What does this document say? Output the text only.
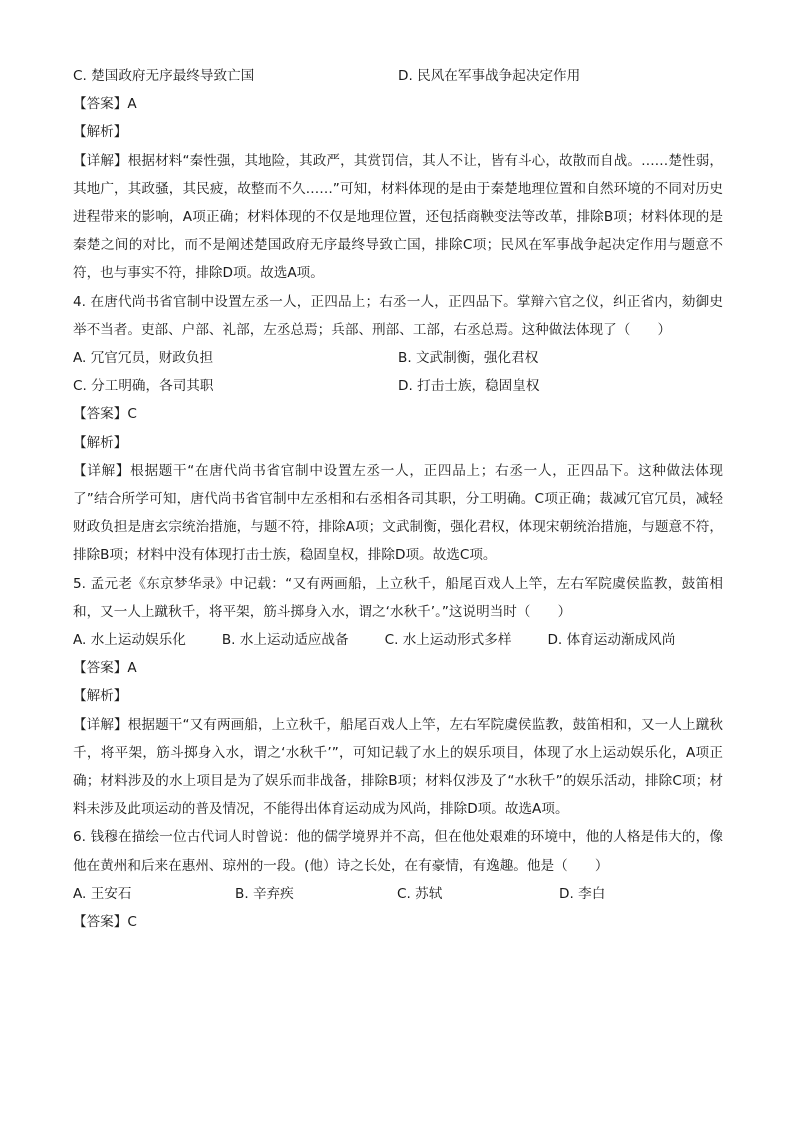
C. 楚国政府无序最终导致亡国	D. 民风在军事战争起决定作用
【答案】A
【解析】
【详解】根据材料“秦性强，其地险，其政严，其赏罚信，其人不让，皆有斗心，故散而自战。……楚性弱，其地广，其政骚，其民疲，故整而不久……”可知，材料体现的是由于秦楚地理位置和自然环境的不同对历史进程带来的影响，A项正确；材料体现的不仅是地理位置，还包括商鞅变法等改革，排除B项；材料体现的是秦楚之间的对比，而不是阐述楚国政府无序最终导致亡国，排除C项；民风在军事战争起决定作用与题意不符，也与事实不符，排除D项。故选A项。
4. 在唐代尚书省官制中设置左丞一人，正四品上；右丞一人，正四品下。掌辩六官之仪，纠正省内，劾御史举不当者。吏部、户部、礼部，左丞总焉；兵部、刑部、工部，右丞总焉。这种做法体现了（　　）
A. 冗官冗员，财政负担	B. 文武制衡，强化君权
C. 分工明确，各司其职	D. 打击士族，稳固皇权
【答案】C
【解析】
【详解】根据题干“在唐代尚书省官制中设置左丞一人，正四品上；右丞一人，正四品下。这种做法体现了”结合所学可知，唐代尚书省官制中左丞相和右丞相各司其职，分工明确。C项正确；裁减冗官冗员，减轻财政负担是唐玄宗统治措施，与题不符，排除A项；文武制衡，强化君权，体现宋朝统治措施，与题意不符，排除B项；材料中没有体现打击士族，稳固皇权，排除D项。故选C项。
5. 孟元老《东京梦华录》中记载：“又有两画船，上立秋千，船尾百戏人上竿，左右军院虞侯监教，鼓笛相和，又一人上蹴秋千，将平架，筋斗掷身入水，谓之‘水秋千’。”这说明当时（　　）
A. 水上运动娱乐化	B. 水上运动适应战备	C. 水上运动形式多样	D. 体育运动渐成风尚
【答案】A
【解析】
【详解】根据题干“又有两画船，上立秋千，船尾百戏人上竿，左右军院虞侯监教，鼓笛相和，又一人上蹴秋千，将平架，筋斗掷身入水，谓之‘水秋千’”，可知记载了水上的娱乐项目，体现了水上运动娱乐化，A项正确；材料涉及的水上项目是为了娱乐而非战备，排除B项；材料仅涉及了“水秋千”的娱乐活动，排除C项；材料未涉及此项运动的普及情况，不能得出体育运动成为风尚，排除D项。故选A项。
6. 钱穆在描绘一位古代词人时曾说：他的儒学境界并不高，但在他处艰难的环境中，他的人格是伟大的，像他在黄州和后来在惠州、琼州的一段。(他）诗之长处，在有豪情，有逸趣。他是（　　）
A. 王安石	B. 辛弃疾	C. 苏轼	D. 李白
【答案】C
